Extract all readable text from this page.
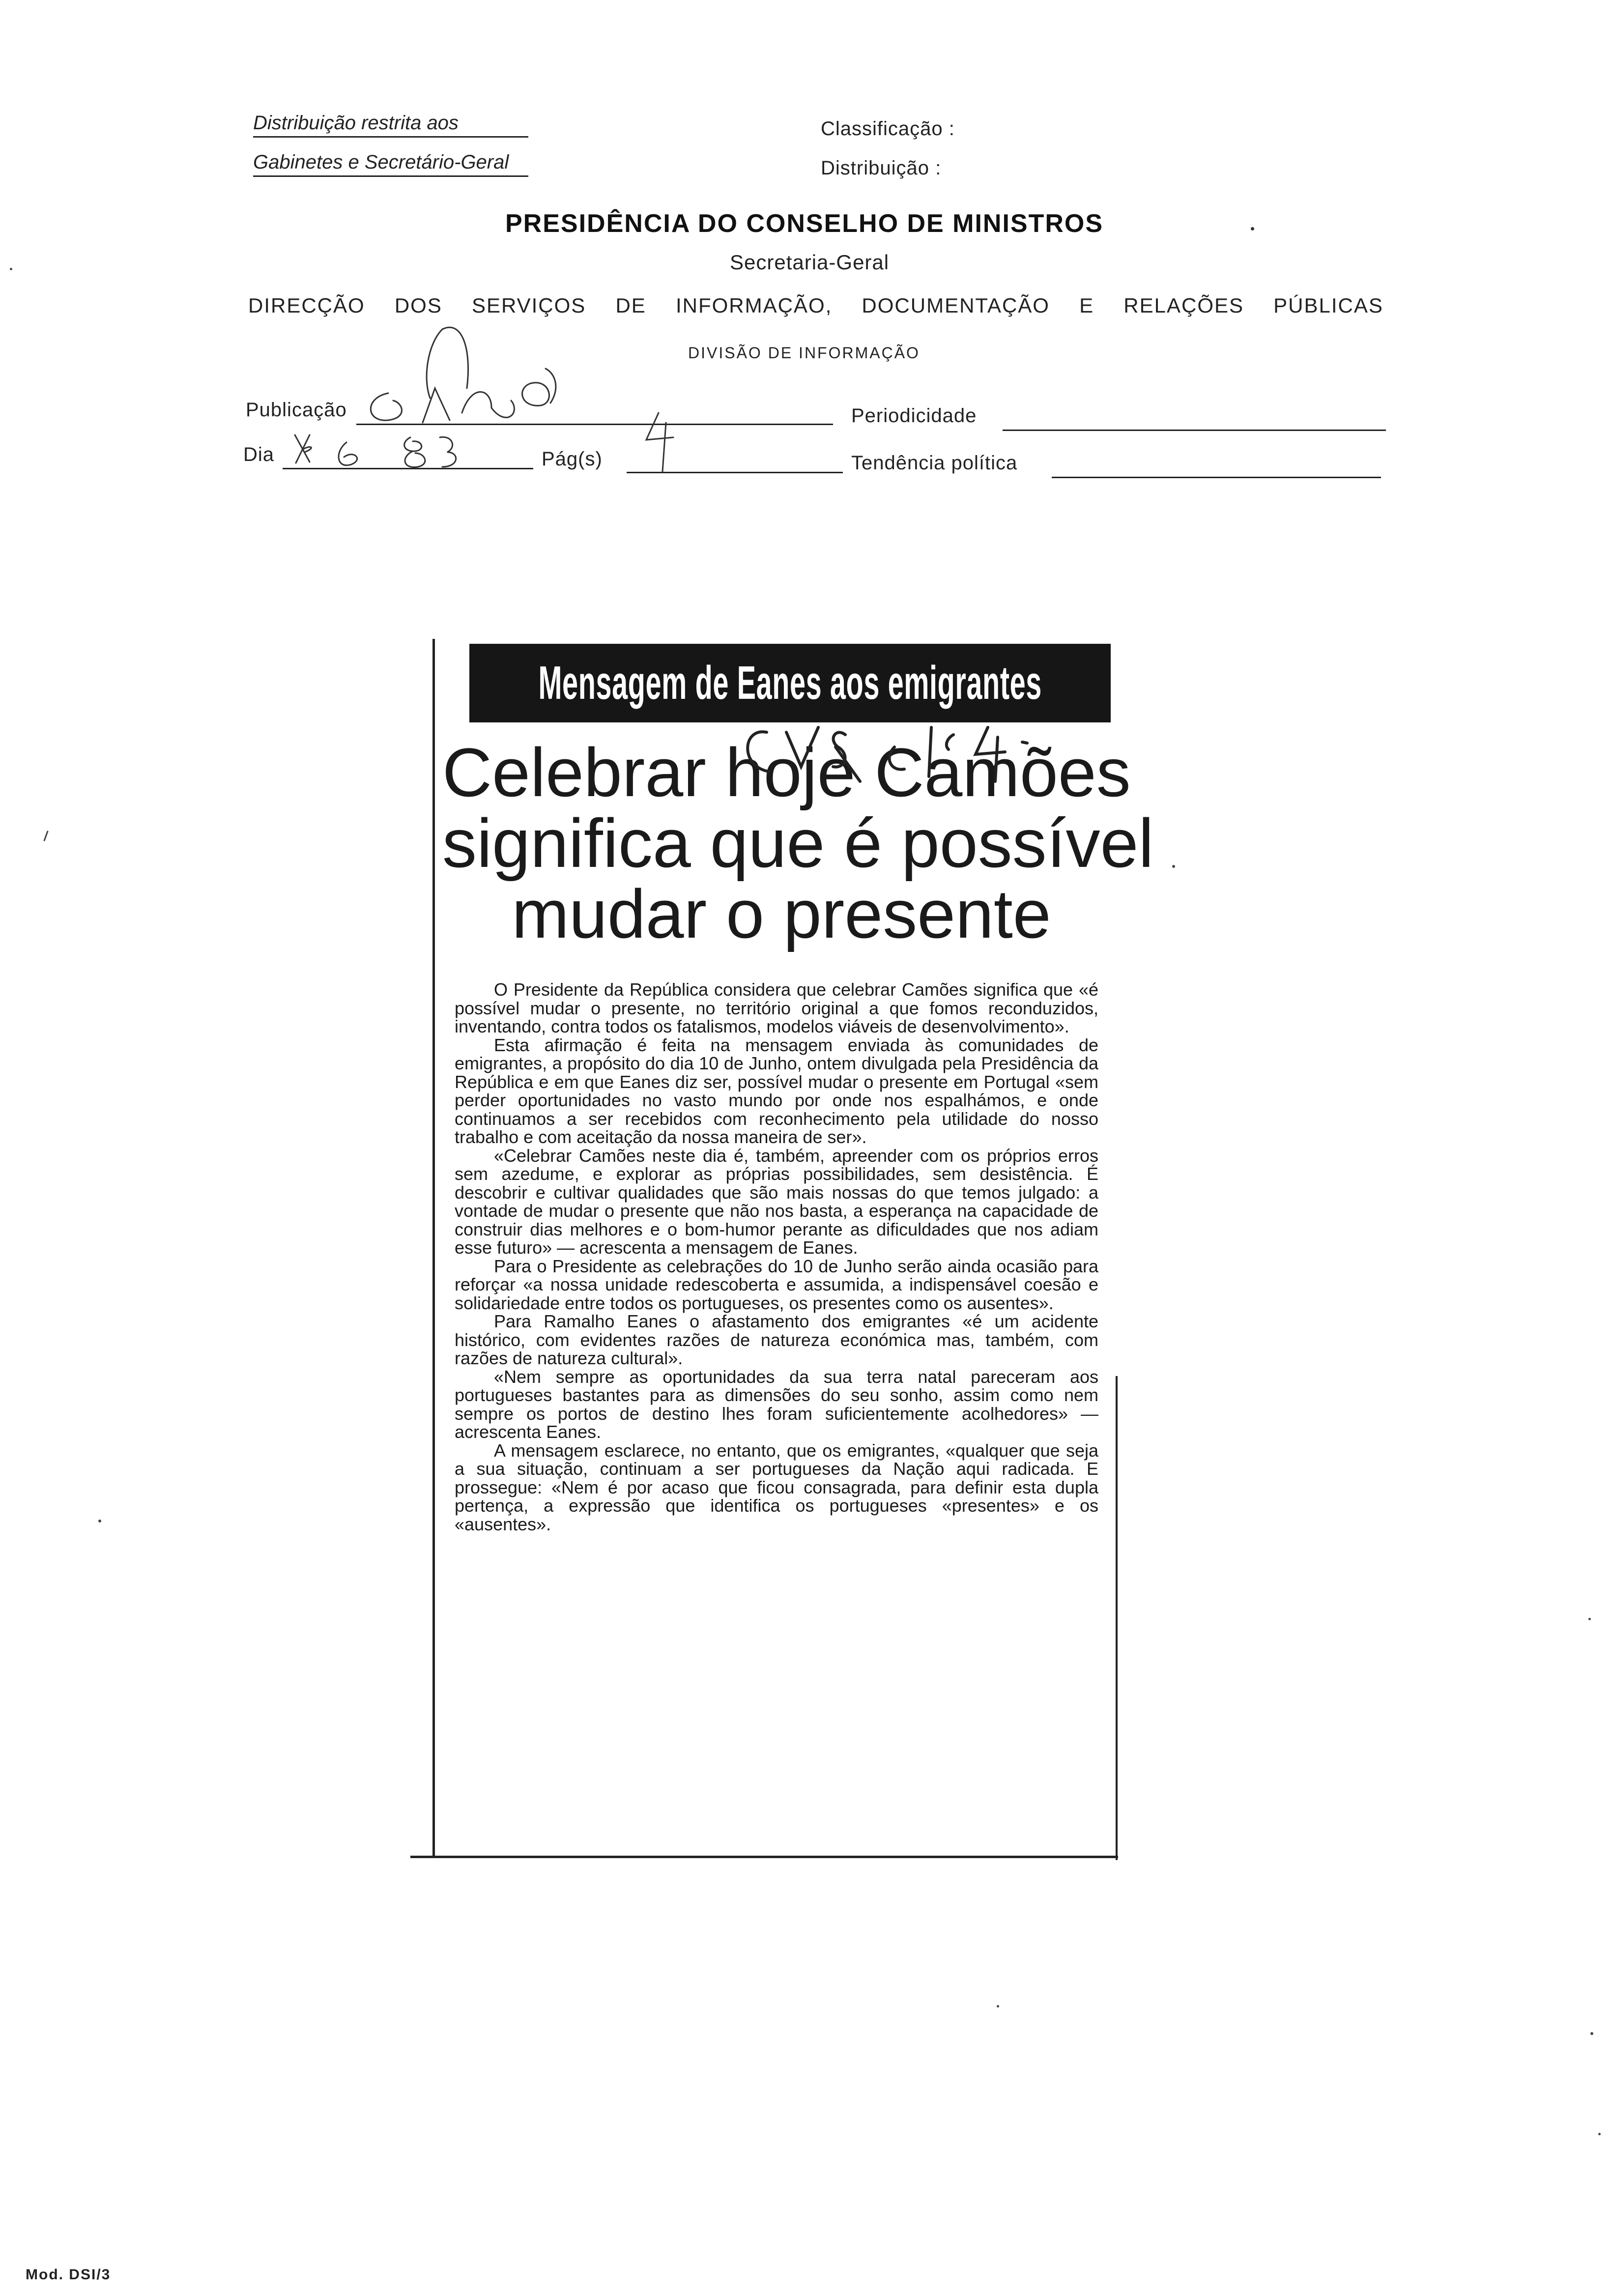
Distribuição restrita aos
Gabinetes e Secretário-Geral
Classificação :
Distribuição :
PRESIDÊNCIA DO CONSELHO DE MINISTROS
Secretaria-Geral
DIRECÇÃO DOS SERVIÇOS DE INFORMAÇÃO, DOCUMENTAÇÃO E RELAÇÕES PÚBLICAS
DIVISÃO DE INFORMAÇÃO
Publicação	Periodicidade
Dia	Pág(s)	Tendência política
Mensagem de Eanes aos emigrantes
Celebrar hoje Camões
significa que é possível
mudar o presente

O Presidente da República considera que celebrar Camões significa que «é possível mudar o presente, no território original a que fomos reconduzidos, inventando, contra todos os fatalismos, modelos viáveis de desenvolvimento».

Esta afirmação é feita na mensagem enviada às comunidades de emigrantes, a propósito do dia 10 de Junho, ontem divulgada pela Presidência da República e em que Eanes diz ser, possível mudar o presente em Portugal «sem perder oportunidades no vasto mundo por onde nos espalhámos, e onde continuamos a ser recebidos com reconhecimento pela utilidade do nosso trabalho e com aceitação da nossa maneira de ser».

«Celebrar Camões neste dia é, também, apreender com os próprios erros sem azedume, e explorar as próprias possibilidades, sem desistência. É descobrir e cultivar qualidades que são mais nossas do que temos julgado: a vontade de mudar o presente que não nos basta, a esperança na capacidade de construir dias melhores e o bom-humor perante as dificuldades que nos adiam esse futuro» — acrescenta a mensagem de Eanes.

Para o Presidente as celebrações do 10 de Junho serão ainda ocasião para reforçar «a nossa unidade redescoberta e assumida, a indispensável coesão e solidariedade entre todos os portugueses, os presentes como os ausentes».

Para Ramalho Eanes o afastamento dos emigrantes «é um acidente histórico, com evidentes razões de natureza económica mas, também, com razões de natureza cultural».

«Nem sempre as oportunidades da sua terra natal pareceram aos portugueses bastantes para as dimensões do seu sonho, assim como nem sempre os portos de destino lhes foram suficientemente acolhedores» — acrescenta Eanes.

A mensagem esclarece, no entanto, que os emigrantes, «qualquer que seja a sua situação, continuam a ser portugueses da Nação aqui radicada. E prossegue: «Nem é por acaso que ficou consagrada, para definir esta dupla pertença, a expressão que identifica os portugueses «presentes» e os «ausentes».

Mod. DSI/3
